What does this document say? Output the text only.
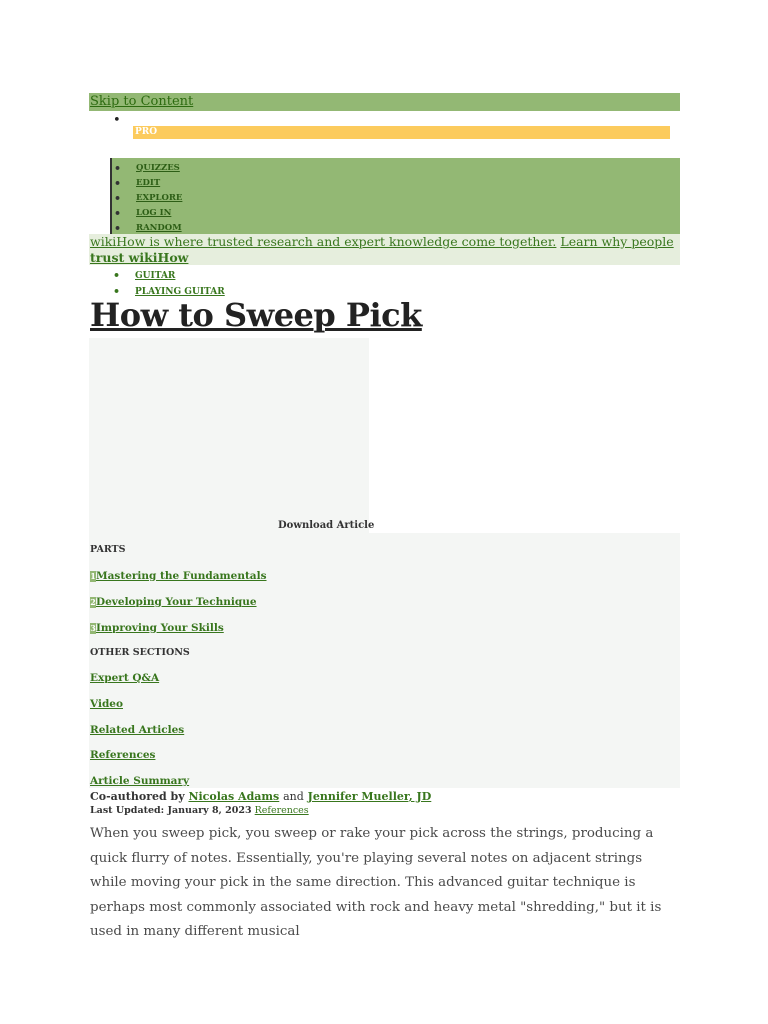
Skip to Content
•
PRO
• QUIZZES
• EDIT
• EXPLORE
• LOG IN
• RANDOM
wikiHow is where trusted research and expert knowledge come together. Learn why people trust wikiHow
• GUITAR
• PLAYING GUITAR
How to Sweep Pick
Download Article
PARTS
1Mastering the Fundamentals
2Developing Your Technique
3Improving Your Skills
OTHER SECTIONS
Expert Q&A
Video
Related Articles
References
Article Summary
Co-authored by Nicolas Adams and Jennifer Mueller, JD
Last Updated: January 8, 2023 References

When you sweep pick, you sweep or rake your pick across the strings, producing a quick flurry of notes. Essentially, you're playing several notes on adjacent strings while moving your pick in the same direction. This advanced guitar technique is perhaps most commonly associated with rock and heavy metal "shredding," but it is used in many different musical
